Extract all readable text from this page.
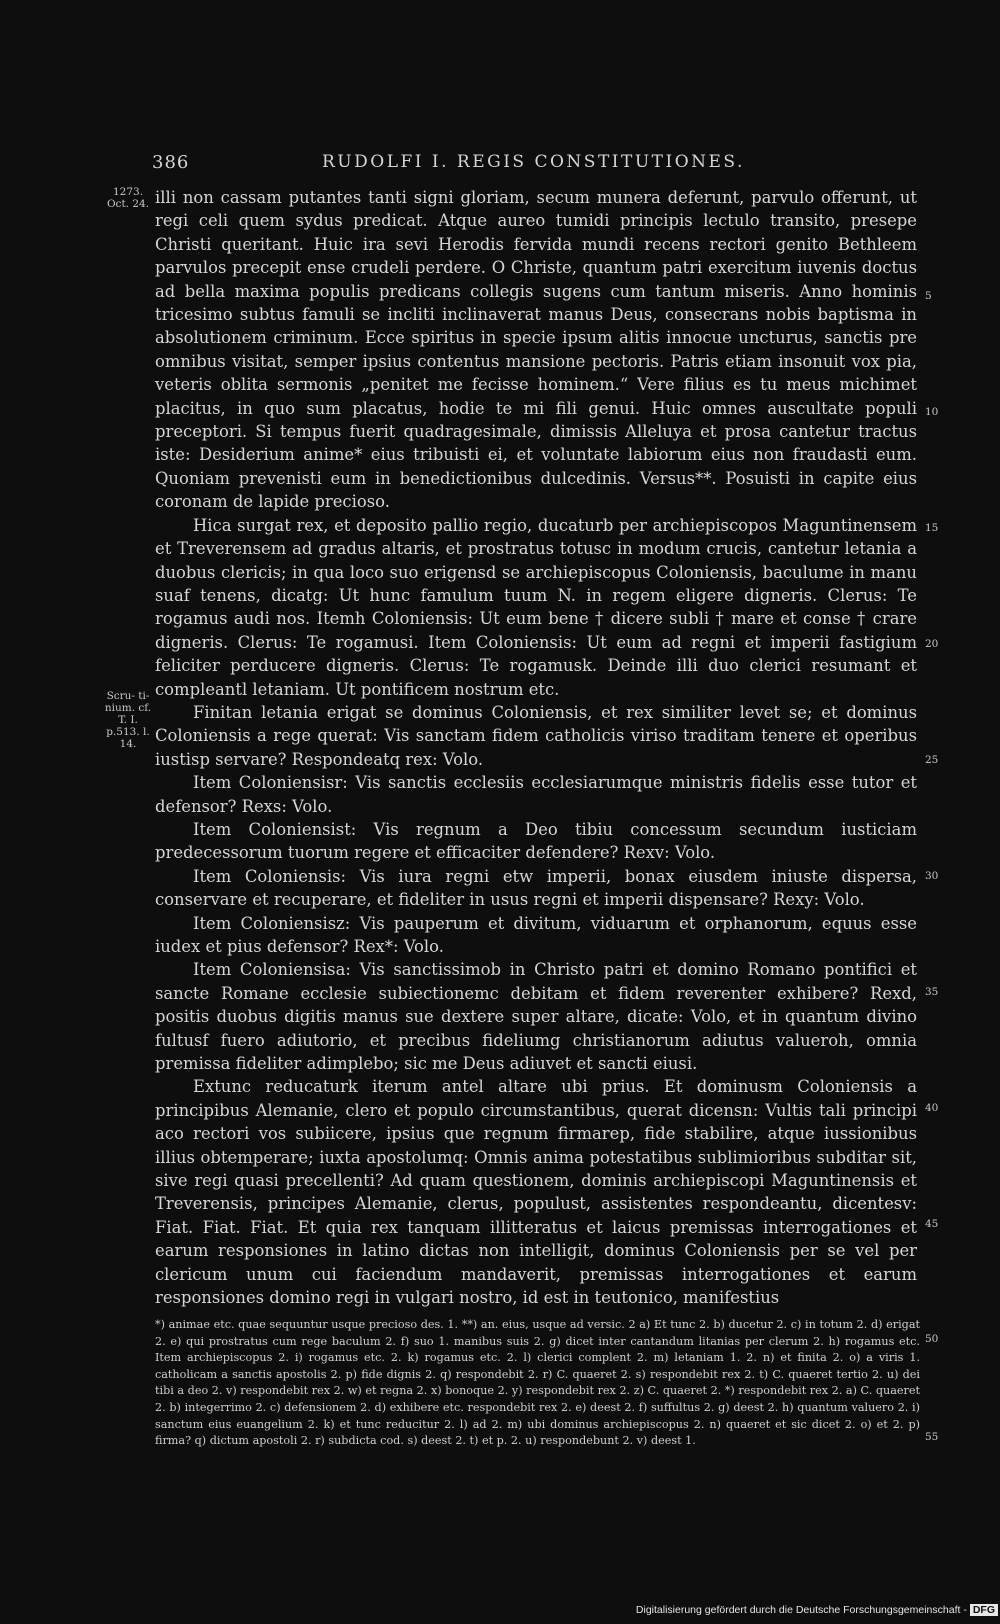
386	RUDOLFI I. REGIS CONSTITUTIONES.
1273. Oct. 24.
Scru- ti- nium. cf. T. I. p.513. l. 14.
5
10
15
20
25
30
35
40
45
50
55

illi non cassam putantes tanti signi gloriam, secum munera deferunt, parvulo offerunt, ut regi celi quem sydus predicat. Atque aureo tumidi principis lectulo transito, presepe Christi queritant. Huic ira sevi Herodis fervida mundi recens rectori genito Bethleem parvulos precepit ense crudeli perdere. O Christe, quantum patri exercitum iuvenis doctus ad bella maxima populis predicans collegis sugens cum tantum miseris. Anno hominis tricesimo subtus famuli se incliti inclinaverat manus Deus, consecrans nobis baptisma in absolutionem criminum. Ecce spiritus in specie ipsum alitis innocue uncturus, sanctis pre omnibus visitat, semper ipsius contentus mansione pectoris. Patris etiam insonuit vox pia, veteris oblita sermonis „penitet me fecisse hominem.“ Vere filius es tu meus michimet placitus, in quo sum placatus, hodie te mi fili genui. Huic omnes auscultate populi preceptori. Si tempus fuerit quadragesimale, dimissis Alleluya et prosa cantetur tractus iste: Desiderium anime* eius tribuisti ei, et voluntate labiorum eius non fraudasti eum. Quoniam prevenisti eum in benedictionibus dulcedinis. Versus**. Posuisti in capite eius coronam de lapide precioso.

Hica surgat rex, et deposito pallio regio, ducaturb per archiepiscopos Maguntinensem et Treverensem ad gradus altaris, et prostratus totusc in modum crucis, cantetur letania a duobus clericis; in qua loco suo erigensd se archiepiscopus Coloniensis, baculume in manu suaf tenens, dicatg: Ut hunc famulum tuum N. in regem eligere digneris. Clerus: Te rogamus audi nos. Itemh Coloniensis: Ut eum bene † dicere subli † mare et conse † crare digneris. Clerus: Te rogamusi. Item Coloniensis: Ut eum ad regni et imperii fastigium feliciter perducere digneris. Clerus: Te rogamusk. Deinde illi duo clerici resumant et compleantl letaniam. Ut pontificem nostrum etc.

Finitan letania erigat se dominus Coloniensis, et rex similiter levet se; et dominus Coloniensis a rege querat: Vis sanctam fidem catholicis viriso traditam tenere et operibus iustisp servare? Respondeatq rex: Volo.

Item Coloniensisr: Vis sanctis ecclesiis ecclesiarumque ministris fidelis esse tutor et defensor? Rexs: Volo.

Item Coloniensist: Vis regnum a Deo tibiu concessum secundum iusticiam predecessorum tuorum regere et efficaciter defendere? Rexv: Volo.

Item Coloniensis: Vis iura regni etw imperii, bonax eiusdem iniuste dispersa, conservare et recuperare, et fideliter in usus regni et imperii dispensare? Rexy: Volo.

Item Coloniensisz: Vis pauperum et divitum, viduarum et orphanorum, equus esse iudex et pius defensor? Rex*: Volo.

Item Coloniensisa: Vis sanctissimob in Christo patri et domino Romano pontifici et sancte Romane ecclesie subiectionemc debitam et fidem reverenter exhibere? Rexd, positis duobus digitis manus sue dextere super altare, dicate: Volo, et in quantum divino fultusf fuero adiutorio, et precibus fideliumg christianorum adiutus valueroh, omnia premissa fideliter adimplebo; sic me Deus adiuvet et sancti eiusi.

Extunc reducaturk iterum antel altare ubi prius. Et dominusm Coloniensis a principibus Alemanie, clero et populo circumstantibus, querat dicensn: Vultis tali principi aco rectori vos subiicere, ipsius que regnum firmarep, fide stabilire, atque iussionibus illius obtemperare; iuxta apostolumq: Omnis anima potestatibus sublimioribus subditar sit, sive regi quasi precellenti? Ad quam questionem, dominis archiepiscopi Maguntinensis et Treverensis, principes Alemanie, clerus, populust, assistentes respondeantu, dicentesv: Fiat. Fiat. Fiat. Et quia rex tanquam illitteratus et laicus premissas interrogationes et earum responsiones in latino dictas non intelligit, dominus Coloniensis per se vel per clericum unum cui faciendum mandaverit, premissas interrogationes et earum responsiones domino regi in vulgari nostro, id est in teutonico, manifestius

*) animae etc. quae sequuntur usque precioso des. 1. **) an. eius, usque ad versic. 2 a) Et tunc 2. b) ducetur 2. c) in totum 2. d) erigat 2. e) qui prostratus cum rege baculum 2. f) suo 1. manibus suis 2. g) dicet inter cantandum litanias per clerum 2. h) rogamus etc. Item archiepiscopus 2. i) rogamus etc. 2. k) rogamus etc. 2. l) clerici complent 2. m) letaniam 1. 2. n) et finita 2. o) a viris 1. catholicam a sanctis apostolis 2. p) fide dignis 2. q) respondebit 2. r) C. quaeret 2. s) respondebit rex 2. t) C. quaeret tertio 2. u) dei tibi a deo 2. v) respondebit rex 2. w) et regna 2. x) bonoque 2. y) respondebit rex 2. z) C. quaeret 2. *) respondebit rex 2. a) C. quaeret 2. b) integerrimo 2. c) defensionem 2. d) exhibere etc. respondebit rex 2. e) deest 2. f) suffultus 2. g) deest 2. h) quantum valuero 2. i) sanctum eius euangelium 2. k) et tunc reducitur 2. l) ad 2. m) ubi dominus archiepiscopus 2. n) quaeret et sic dicet 2. o) et 2. p) firma? q) dictum apostoli 2. r) subdicta cod. s) deest 2. t) et p. 2. u) respondebunt 2. v) deest 1.

Digitalisierung gefördert durch die Deutsche Forschungsgemeinschaft - DFG
